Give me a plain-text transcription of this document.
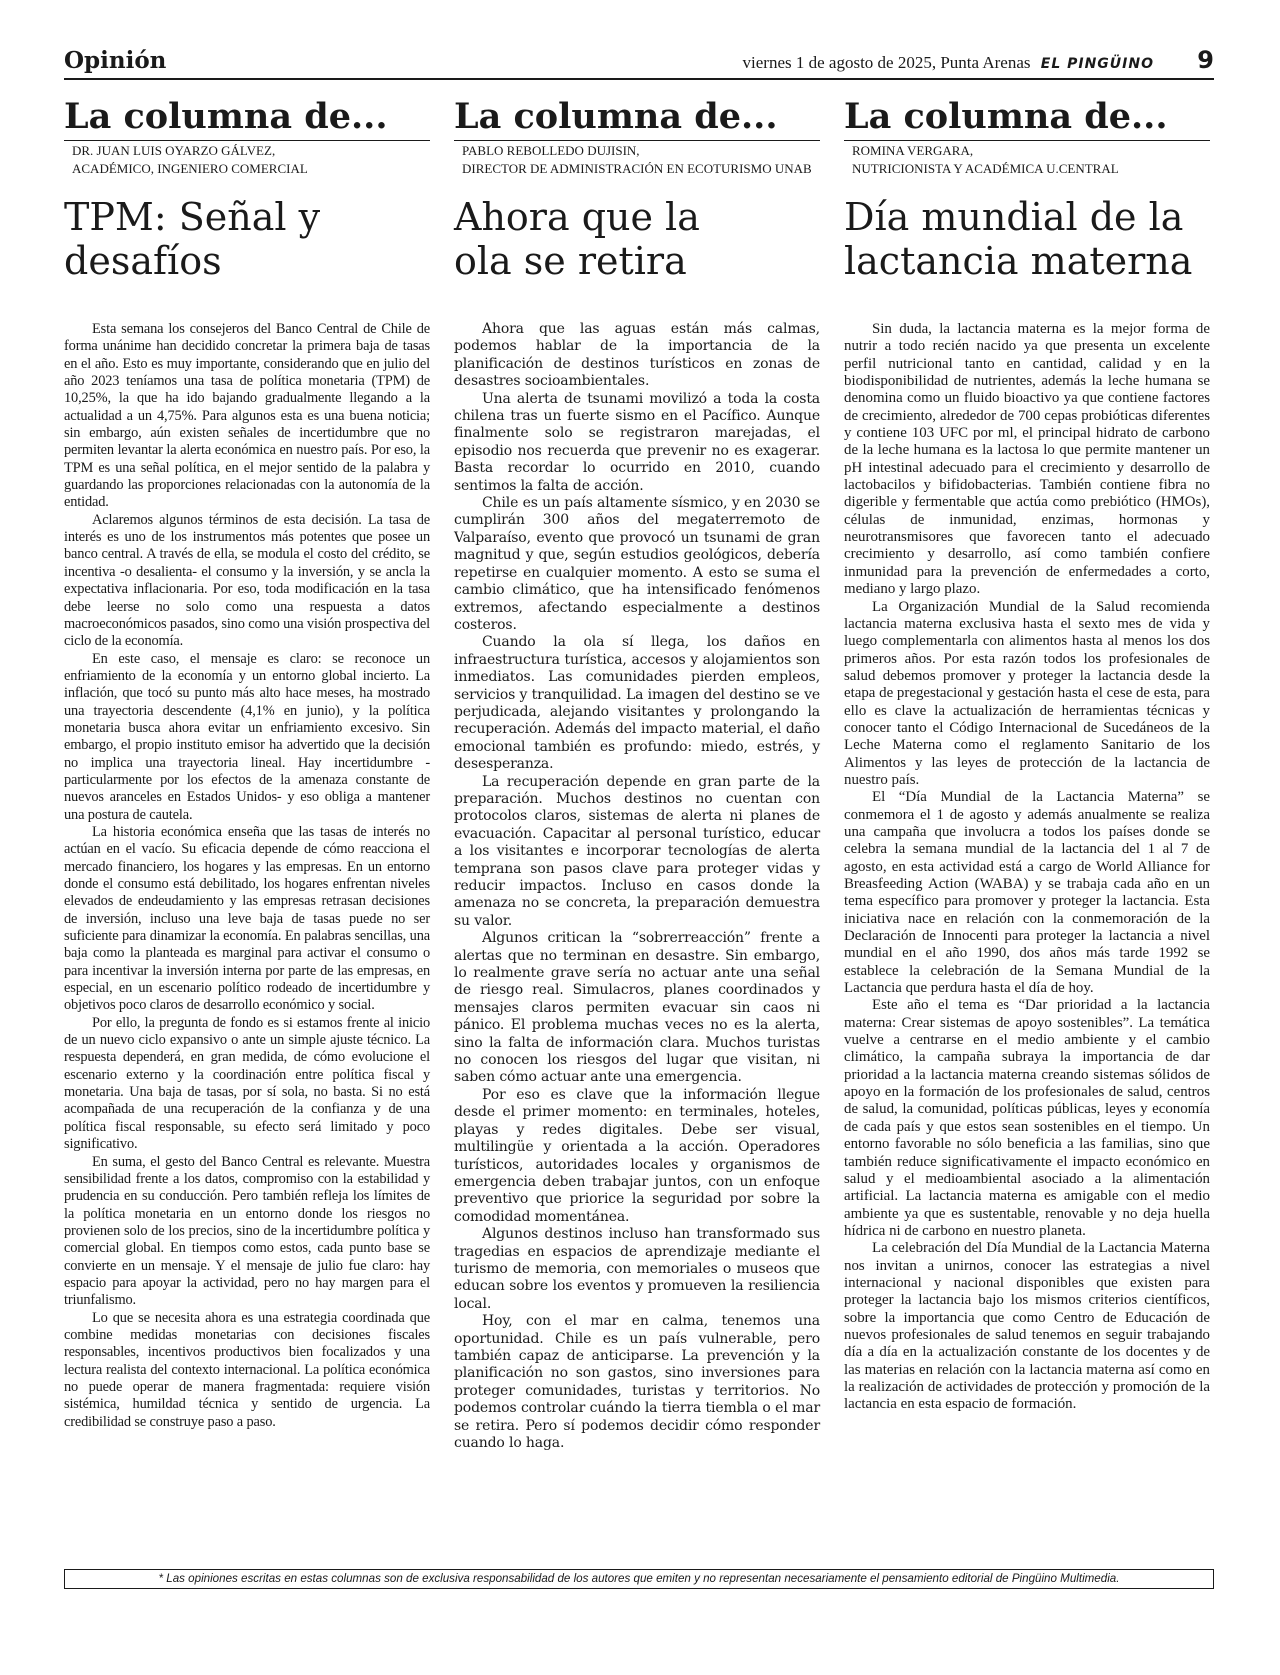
Opinión	viernes 1 de agosto de 2025, Punta Arenas EL PINGÜINO 9
La columna de...
DR. JUAN LUIS OYARZO GÁLVEZ,
ACADÉMICO, INGENIERO COMERCIAL
TPM: Señal y
desafíos

Esta semana los consejeros del Banco Central de Chile de forma unánime han decidido concretar la primera baja de tasas en el año. Esto es muy importante, considerando que en julio del año 2023 teníamos una tasa de política monetaria (TPM) de 10,25%, la que ha ido bajando gradualmente llegando a la actualidad a un 4,75%. Para algunos esta es una buena noticia; sin embargo, aún existen señales de incertidumbre que no permiten levantar la alerta económica en nuestro país. Por eso, la TPM es una señal política, en el mejor sentido de la palabra y guardando las proporciones relacionadas con la autonomía de la entidad.

Aclaremos algunos términos de esta decisión. La tasa de interés es uno de los instrumentos más potentes que posee un banco central. A través de ella, se modula el costo del crédito, se incentiva -o desalienta- el consumo y la inversión, y se ancla la expectativa inflacionaria. Por eso, toda modificación en la tasa debe leerse no solo como una respuesta a datos macroeconómicos pasados, sino como una visión prospectiva del ciclo de la economía.

En este caso, el mensaje es claro: se reconoce un enfriamiento de la economía y un entorno global incierto. La inflación, que tocó su punto más alto hace meses, ha mostrado una trayectoria descendente (4,1% en junio), y la política monetaria busca ahora evitar un enfriamiento excesivo. Sin embargo, el propio instituto emisor ha advertido que la decisión no implica una trayectoria lineal. Hay incertidumbre -particularmente por los efectos de la amenaza constante de nuevos aranceles en Estados Unidos- y eso obliga a mantener una postura de cautela.

La historia económica enseña que las tasas de interés no actúan en el vacío. Su eficacia depende de cómo reacciona el mercado financiero, los hogares y las empresas. En un entorno donde el consumo está debilitado, los hogares enfrentan niveles elevados de endeudamiento y las empresas retrasan decisiones de inversión, incluso una leve baja de tasas puede no ser suficiente para dinamizar la economía. En palabras sencillas, una baja como la planteada es marginal para activar el consumo o para incentivar la inversión interna por parte de las empresas, en especial, en un escenario político rodeado de incertidumbre y objetivos poco claros de desarrollo económico y social.

Por ello, la pregunta de fondo es si estamos frente al inicio de un nuevo ciclo expansivo o ante un simple ajuste técnico. La respuesta dependerá, en gran medida, de cómo evolucione el escenario externo y la coordinación entre política fiscal y monetaria. Una baja de tasas, por sí sola, no basta. Si no está acompañada de una recuperación de la confianza y de una política fiscal responsable, su efecto será limitado y poco significativo.

En suma, el gesto del Banco Central es relevante. Muestra sensibilidad frente a los datos, compromiso con la estabilidad y prudencia en su conducción. Pero también refleja los límites de la política monetaria en un entorno donde los riesgos no provienen solo de los precios, sino de la incertidumbre política y comercial global. En tiempos como estos, cada punto base se convierte en un mensaje. Y el mensaje de julio fue claro: hay espacio para apoyar la actividad, pero no hay margen para el triunfalismo.

Lo que se necesita ahora es una estrategia coordinada que combine medidas monetarias con decisiones fiscales responsables, incentivos productivos bien focalizados y una lectura realista del contexto internacional. La política económica no puede operar de manera fragmentada: requiere visión sistémica, humildad técnica y sentido de urgencia. La credibilidad se construye paso a paso.

La columna de...
PABLO REBOLLEDO DUJISIN,
DIRECTOR DE ADMINISTRACIÓN EN ECOTURISMO UNAB
Ahora que la
ola se retira

Ahora que las aguas están más calmas, podemos hablar de la importancia de la planificación de destinos turísticos en zonas de desastres socioambientales.

Una alerta de tsunami movilizó a toda la costa chilena tras un fuerte sismo en el Pacífico. Aunque finalmente solo se registraron marejadas, el episodio nos recuerda que prevenir no es exagerar. Basta recordar lo ocurrido en 2010, cuando sentimos la falta de acción.

Chile es un país altamente sísmico, y en 2030 se cumplirán 300 años del megaterremoto de Valparaíso, evento que provocó un tsunami de gran magnitud y que, según estudios geológicos, debería repetirse en cualquier momento. A esto se suma el cambio climático, que ha intensificado fenómenos extremos, afectando especialmente a destinos costeros.

Cuando la ola sí llega, los daños en infraestructura turística, accesos y alojamientos son inmediatos. Las comunidades pierden empleos, servicios y tranquilidad. La imagen del destino se ve perjudicada, alejando visitantes y prolongando la recuperación. Además del impacto material, el daño emocional también es profundo: miedo, estrés, y desesperanza.

La recuperación depende en gran parte de la preparación. Muchos destinos no cuentan con protocolos claros, sistemas de alerta ni planes de evacuación. Capacitar al personal turístico, educar a los visitantes e incorporar tecnologías de alerta temprana son pasos clave para proteger vidas y reducir impactos. Incluso en casos donde la amenaza no se concreta, la preparación demuestra su valor.

Algunos critican la “sobrerreacción” frente a alertas que no terminan en desastre. Sin embargo, lo realmente grave sería no actuar ante una señal de riesgo real. Simulacros, planes coordinados y mensajes claros permiten evacuar sin caos ni pánico. El problema muchas veces no es la alerta, sino la falta de información clara. Muchos turistas no conocen los riesgos del lugar que visitan, ni saben cómo actuar ante una emergencia.

Por eso es clave que la información llegue desde el primer momento: en terminales, hoteles, playas y redes digitales. Debe ser visual, multilingüe y orientada a la acción. Operadores turísticos, autoridades locales y organismos de emergencia deben trabajar juntos, con un enfoque preventivo que priorice la seguridad por sobre la comodidad momentánea.

Algunos destinos incluso han transformado sus tragedias en espacios de aprendizaje mediante el turismo de memoria, con memoriales o museos que educan sobre los eventos y promueven la resiliencia local.

Hoy, con el mar en calma, tenemos una oportunidad. Chile es un país vulnerable, pero también capaz de anticiparse. La prevención y la planificación no son gastos, sino inversiones para proteger comunidades, turistas y territorios. No podemos controlar cuándo la tierra tiembla o el mar se retira. Pero sí podemos decidir cómo responder cuando lo haga.

La columna de...
ROMINA VERGARA,
NUTRICIONISTA Y ACADÉMICA U.CENTRAL
Día mundial de la
lactancia materna

Sin duda, la lactancia materna es la mejor forma de nutrir a todo recién nacido ya que presenta un excelente perfil nutricional tanto en cantidad, calidad y en la biodisponibilidad de nutrientes, además la leche humana se denomina como un fluido bioactivo ya que contiene factores de crecimiento, alrededor de 700 cepas probióticas diferentes y contiene 103 UFC por ml, el principal hidrato de carbono de la leche humana es la lactosa lo que permite mantener un pH intestinal adecuado para el crecimiento y desarrollo de lactobacilos y bifidobacterias. También contiene fibra no digerible y fermentable que actúa como prebiótico (HMOs), células de inmunidad, enzimas, hormonas y neurotransmisores que favorecen tanto el adecuado crecimiento y desarrollo, así como también confiere inmunidad para la prevención de enfermedades a corto, mediano y largo plazo.

La Organización Mundial de la Salud recomienda lactancia materna exclusiva hasta el sexto mes de vida y luego complementarla con alimentos hasta al menos los dos primeros años. Por esta razón todos los profesionales de salud debemos promover y proteger la lactancia desde la etapa de pregestacional y gestación hasta el cese de esta, para ello es clave la actualización de herramientas técnicas y conocer tanto el Código Internacional de Sucedáneos de la Leche Materna como el reglamento Sanitario de los Alimentos y las leyes de protección de la lactancia de nuestro país.

El “Día Mundial de la Lactancia Materna” se conmemora el 1 de agosto y además anualmente se realiza una campaña que involucra a todos los países donde se celebra la semana mundial de la lactancia del 1 al 7 de agosto, en esta actividad está a cargo de World Alliance for Breasfeeding Action (WABA) y se trabaja cada año en un tema específico para promover y proteger la lactancia. Esta iniciativa nace en relación con la conmemoración de la Declaración de Innocenti para proteger la lactancia a nivel mundial en el año 1990, dos años más tarde 1992 se establece la celebración de la Semana Mundial de la Lactancia que perdura hasta el día de hoy.

Este año el tema es “Dar prioridad a la lactancia materna: Crear sistemas de apoyo sostenibles”. La temática vuelve a centrarse en el medio ambiente y el cambio climático, la campaña subraya la importancia de dar prioridad a la lactancia materna creando sistemas sólidos de apoyo en la formación de los profesionales de salud, centros de salud, la comunidad, políticas públicas, leyes y economía de cada país y que estos sean sostenibles en el tiempo. Un entorno favorable no sólo beneficia a las familias, sino que también reduce significativamente el impacto económico en salud y el medioambiental asociado a la alimentación artificial. La lactancia materna es amigable con el medio ambiente ya que es sustentable, renovable y no deja huella hídrica ni de carbono en nuestro planeta.

La celebración del Día Mundial de la Lactancia Materna nos invitan a unirnos, conocer las estrategias a nivel internacional y nacional disponibles que existen para proteger la lactancia bajo los mismos criterios científicos, sobre la importancia que como Centro de Educación de nuevos profesionales de salud tenemos en seguir trabajando día a día en la actualización constante de los docentes y de las materias en relación con la lactancia materna así como en la realización de actividades de protección y promoción de la lactancia en esta espacio de formación.

* Las opiniones escritas en estas columnas son de exclusiva responsabilidad de los autores que emiten y no representan necesariamente el pensamiento editorial de Pingüino Multimedia.
